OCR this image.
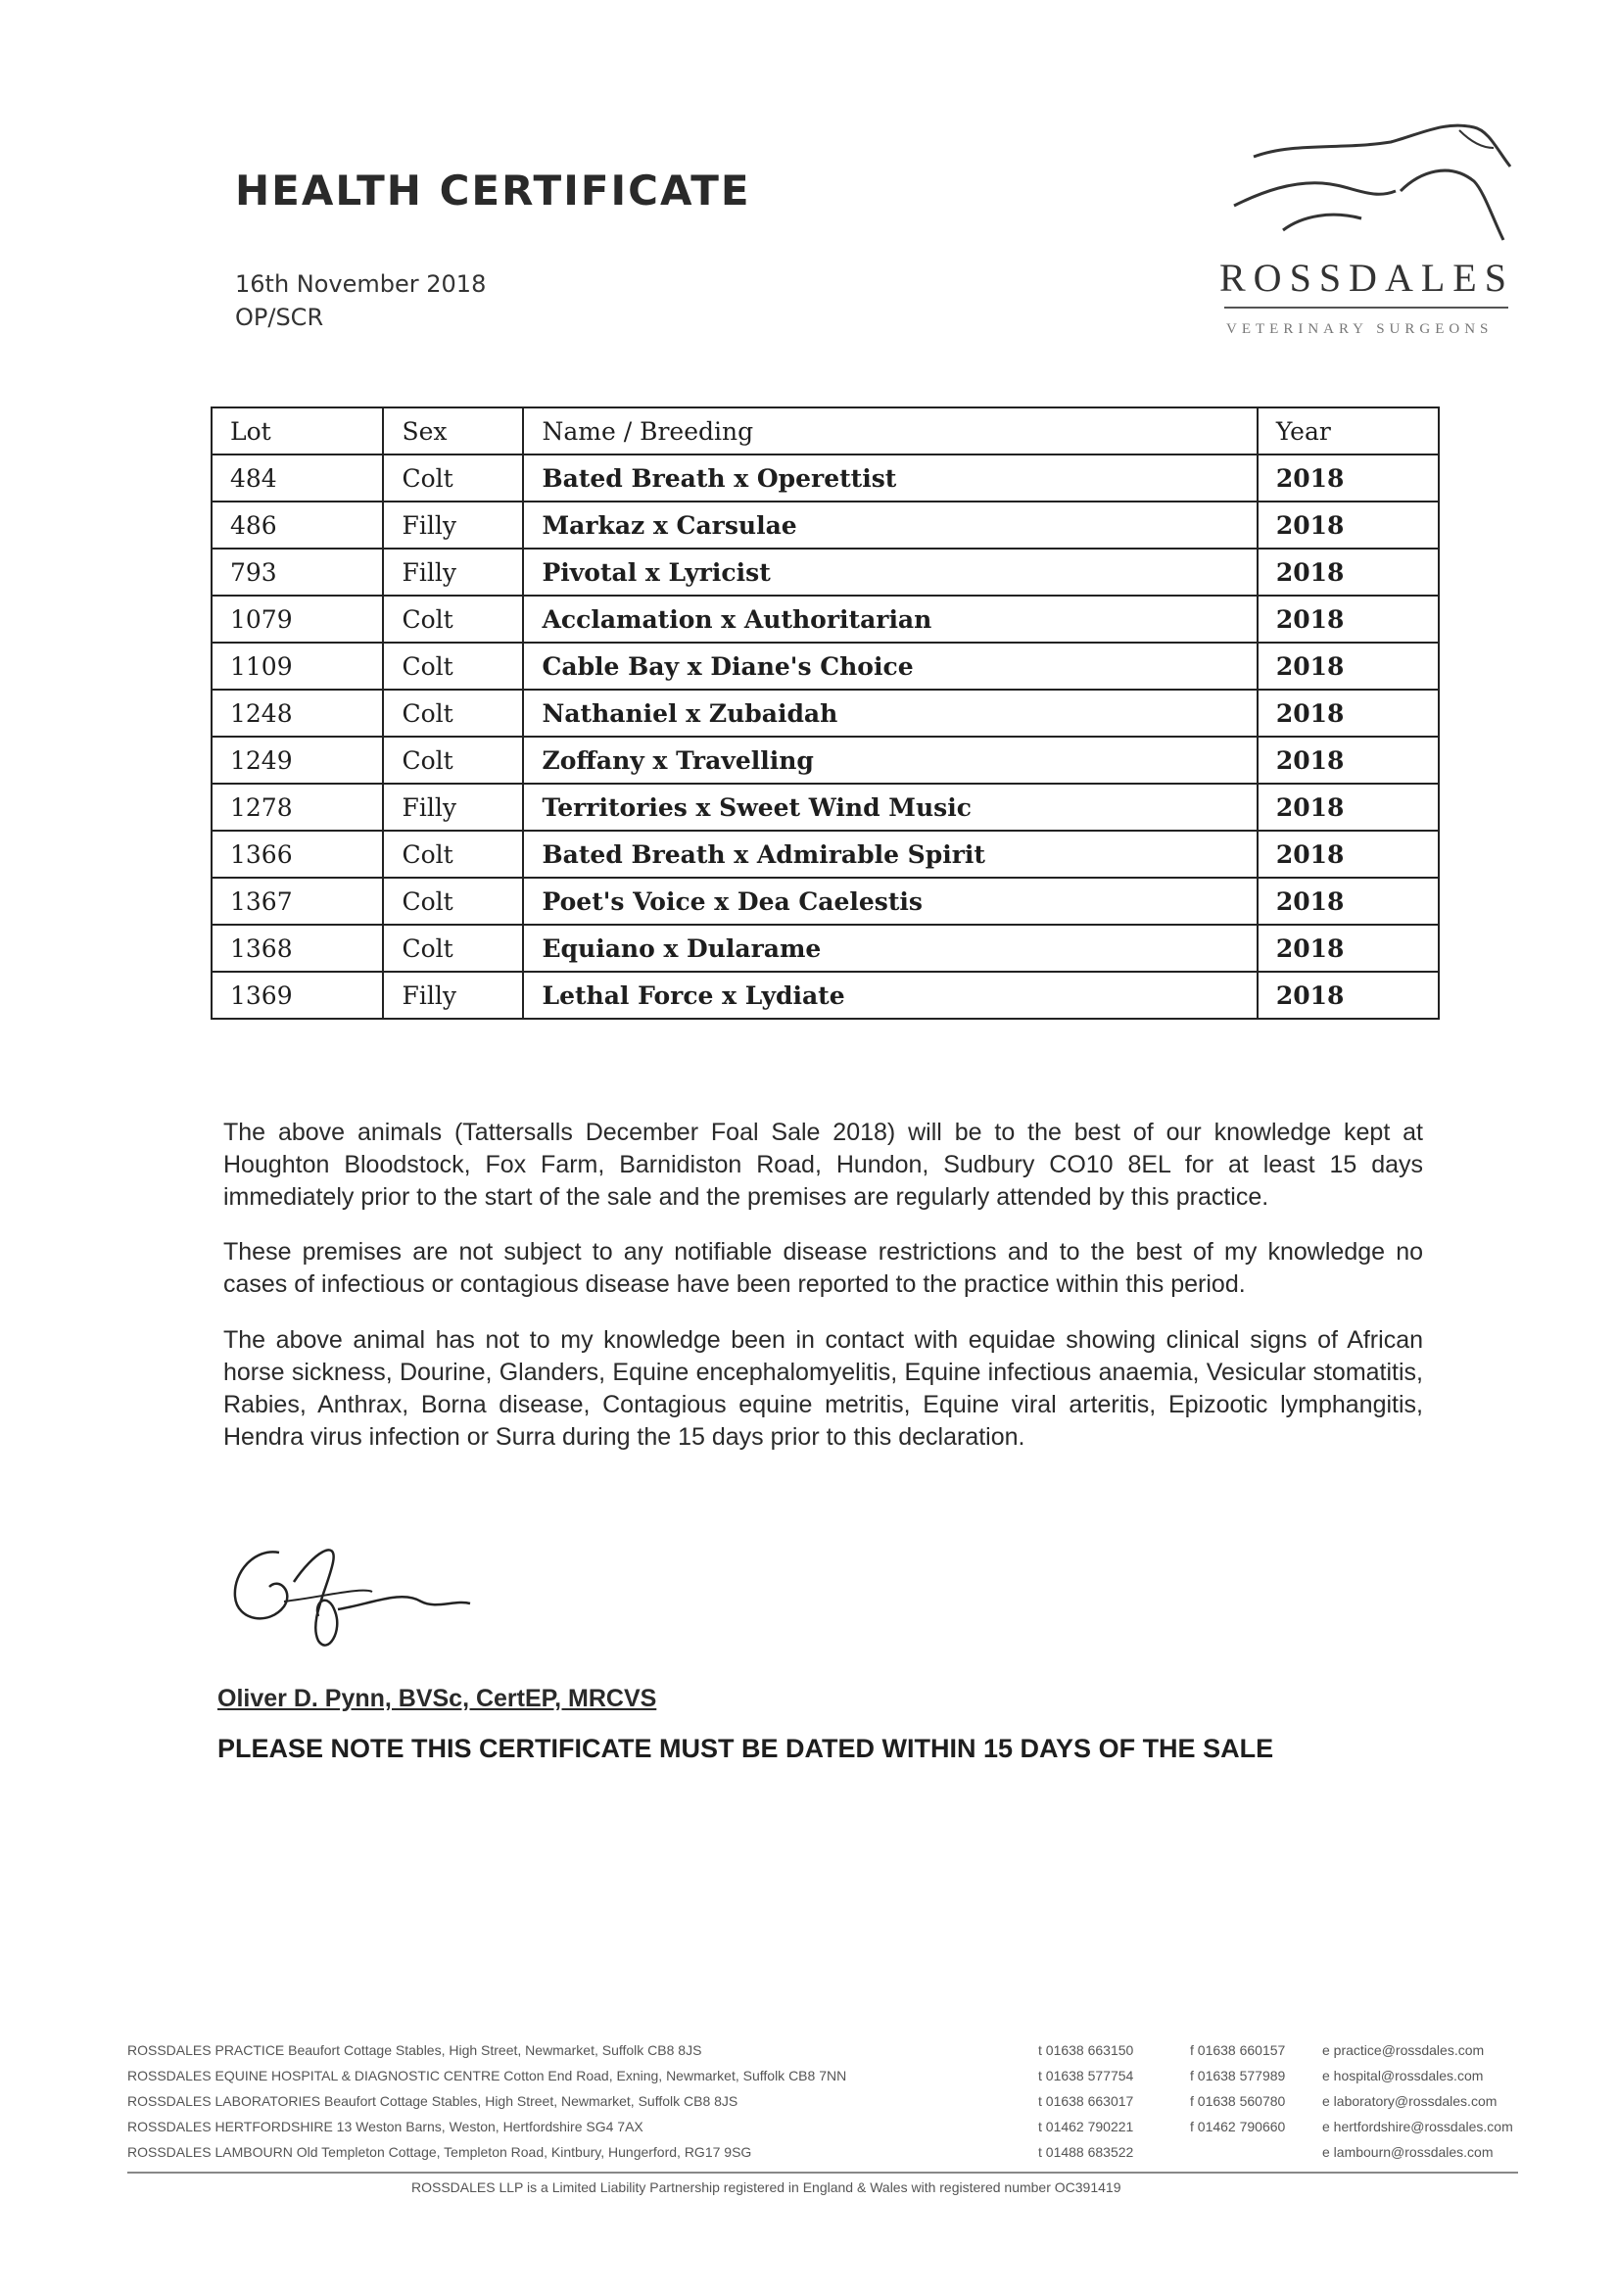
HEALTH CERTIFICATE
16th November 2018
OP/SCR
ROSSDALES
VETERINARY SURGEONS
Lot	Sex	Name / Breeding	Year
484	Colt	Bated Breath x Operettist	2018
486	Filly	Markaz x Carsulae	2018
793	Filly	Pivotal x Lyricist	2018
1079	Colt	Acclamation x Authoritarian	2018
1109	Colt	Cable Bay x Diane's Choice	2018
1248	Colt	Nathaniel x Zubaidah	2018
1249	Colt	Zoffany x Travelling	2018
1278	Filly	Territories x Sweet Wind Music	2018
1366	Colt	Bated Breath x Admirable Spirit	2018
1367	Colt	Poet's Voice x Dea Caelestis	2018
1368	Colt	Equiano x Dularame	2018
1369	Filly	Lethal Force x Lydiate	2018
The above animals (Tattersalls December Foal Sale 2018) will be to the best of our knowledge kept at Houghton Bloodstock, Fox Farm, Barnidiston Road, Hundon, Sudbury CO10 8EL for at least 15 days immediately prior to the start of the sale and the premises are regularly attended by this practice.
These premises are not subject to any notifiable disease restrictions and to the best of my knowledge no cases of infectious or contagious disease have been reported to the practice within this period.
The above animal has not to my knowledge been in contact with equidae showing clinical signs of African horse sickness, Dourine, Glanders, Equine encephalomyelitis, Equine infectious anaemia, Vesicular stomatitis, Rabies, Anthrax, Borna disease, Contagious equine metritis, Equine viral arteritis, Epizootic lymphangitis, Hendra virus infection or Surra during the 15 days prior to this declaration.
Oliver D. Pynn, BVSc, CertEP, MRCVS
PLEASE NOTE THIS CERTIFICATE MUST BE DATED WITHIN 15 DAYS OF THE SALE
ROSSDALES PRACTICE Beaufort Cottage Stables, High Street, Newmarket, Suffolk CB8 8JS	t 01638 663150	f 01638 660157	e practice@rossdales.com
ROSSDALES EQUINE HOSPITAL & DIAGNOSTIC CENTRE Cotton End Road, Exning, Newmarket, Suffolk CB8 7NN	t 01638 577754	f 01638 577989	e hospital@rossdales.com
ROSSDALES LABORATORIES Beaufort Cottage Stables, High Street, Newmarket, Suffolk CB8 8JS	t 01638 663017	f 01638 560780	e laboratory@rossdales.com
ROSSDALES HERTFORDSHIRE 13 Weston Barns, Weston, Hertfordshire SG4 7AX	t 01462 790221	f 01462 790660	e hertfordshire@rossdales.com
ROSSDALES LAMBOURN Old Templeton Cottage, Templeton Road, Kintbury, Hungerford, RG17 9SG	t 01488 683522	e lambourn@rossdales.com
ROSSDALES LLP is a Limited Liability Partnership registered in England & Wales with registered number OC391419
